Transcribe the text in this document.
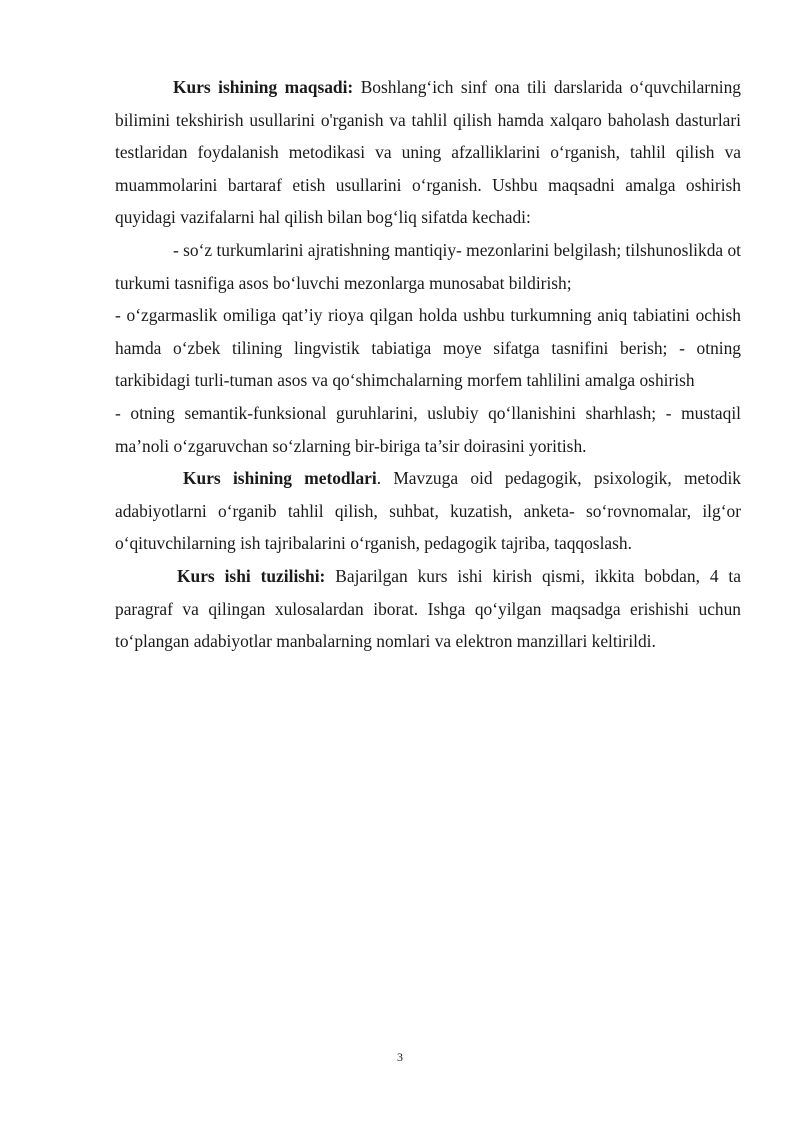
Kurs ishining maqsadi: Boshlang‘ich sinf ona tili darslarida o‘quvchilarning bilimini tekshirish usullarini o'rganish va tahlil qilish hamda xalqaro baholash dasturlari testlaridan foydalanish metodikasi va uning afzalliklarini o‘rganish, tahlil qilish va muammolarini bartaraf etish usullarini o‘rganish. Ushbu maqsadni amalga oshirish quyidagi vazifalarni hal qilish bilan bog‘liq sifatda kechadi:

- so‘z turkumlarini ajratishning mantiqiy- mezonlarini belgilash; tilshunoslikda ot turkumi tasnifiga asos bo‘luvchi mezonlarga munosabat bildirish;

- o‘zgarmaslik omiliga qat’iy rioya qilgan holda ushbu turkumning aniq tabiatini ochish hamda o‘zbek tilining lingvistik tabiatiga moye sifatga tasnifini berish; - otning tarkibidagi turli-tuman asos va qo‘shimchalarning morfem tahlilini amalga oshirish

- otning semantik-funksional guruhlarini, uslubiy qo‘llanishini sharhlash; - mustaqil ma’noli o‘zgaruvchan so‘zlarning bir-biriga ta’sir doirasini yoritish.

Kurs ishining metodlari. Mavzuga oid pedagogik, psixologik, metodik adabiyotlarni o‘rganib tahlil qilish, suhbat, kuzatish, anketa- so‘rovnomalar, ilg‘or o‘qituvchilarning ish tajribalarini o‘rganish, pedagogik tajriba, taqqoslash.

Kurs ishi tuzilishi: Bajarilgan kurs ishi kirish qismi, ikkita bobdan, 4 ta paragraf va qilingan xulosalardan iborat. Ishga qo‘yilgan maqsadga erishishi uchun to‘plangan adabiyotlar manbalarning nomlari va elektron manzillari keltirildi.

3
